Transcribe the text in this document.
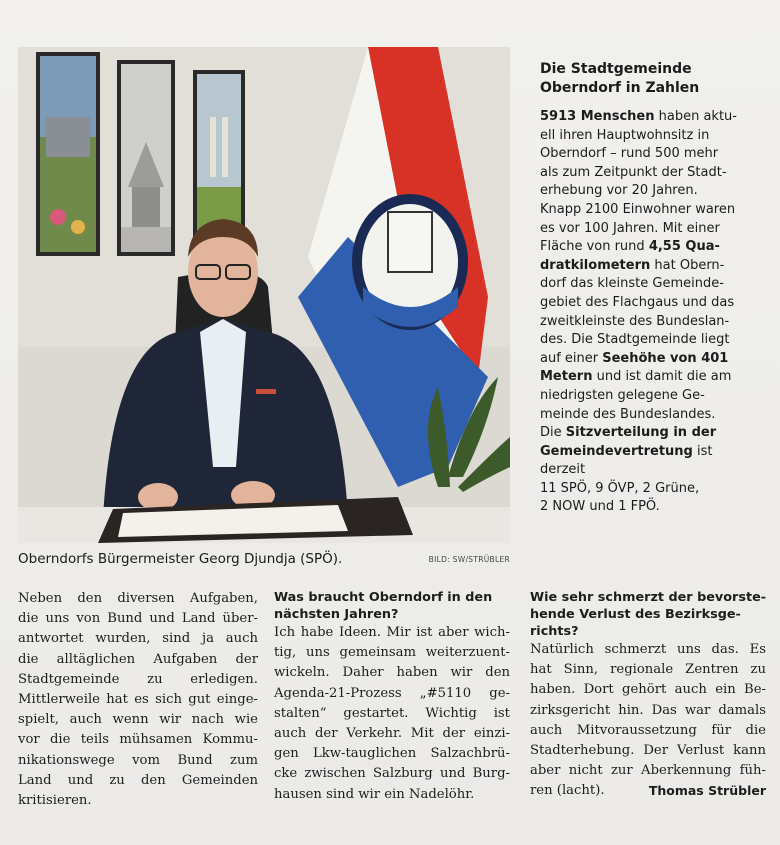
Oberndorfs Bürgermeister Georg Djundja (SPÖ).	BILD: SW/STRÜBLER
Die Stadtgemeinde
Oberndorf in Zahlen
5913 Menschen haben aktu-
ell ihren Hauptwohnsitz in
Oberndorf – rund 500 mehr
als zum Zeitpunkt der Stadt-
erhebung vor 20 Jahren.
Knapp 2100 Einwohner waren
es vor 100 Jahren. Mit einer
Fläche von rund 4,55 Qua-
dratkilometern hat Obern-
dorf das kleinste Gemeinde-
gebiet des Flachgaus und das
zweitkleinste des Bundeslan-
des. Die Stadtgemeinde liegt
auf einer Seehöhe von 401
Metern und ist damit die am
niedrigsten gelegene Ge-
meinde des Bundeslandes.
Die Sitzverteilung in der
Gemeindevertretung ist
derzeit
11 SPÖ, 9 ÖVP, 2 Grüne,
2 NOW und 1 FPÖ.
Neben den diversen Aufgaben,
die uns von Bund und Land über-
antwortet wurden, sind ja auch
die alltäglichen Aufgaben der
Stadtgemeinde zu erledigen.
Mittlerweile hat es sich gut einge-
spielt, auch wenn wir nach wie
vor die teils mühsamen Kommu-
nikationswege vom Bund zum
Land und zu den Gemeinden
kritisieren.
Was braucht Oberndorf in den
nächsten Jahren?
Ich habe Ideen. Mir ist aber wich-
tig, uns gemeinsam weiterzuent-
wickeln. Daher haben wir den
Agenda-21-Prozess „#5110 ge-
stalten“ gestartet. Wichtig ist
auch der Verkehr. Mit der einzi-
gen Lkw-tauglichen Salzachbrü-
cke zwischen Salzburg und Burg-
hausen sind wir ein Nadelöhr.
Wie sehr schmerzt der bevorste-
hende Verlust des Bezirksge-
richts?
Natürlich schmerzt uns das. Es
hat Sinn, regionale Zentren zu
haben. Dort gehört auch ein Be-
zirksgericht hin. Das war damals
auch Mitvoraussetzung für die
Stadterhebung. Der Verlust kann
aber nicht zur Aberkennung füh-
ren (lacht).	Thomas Strübler
